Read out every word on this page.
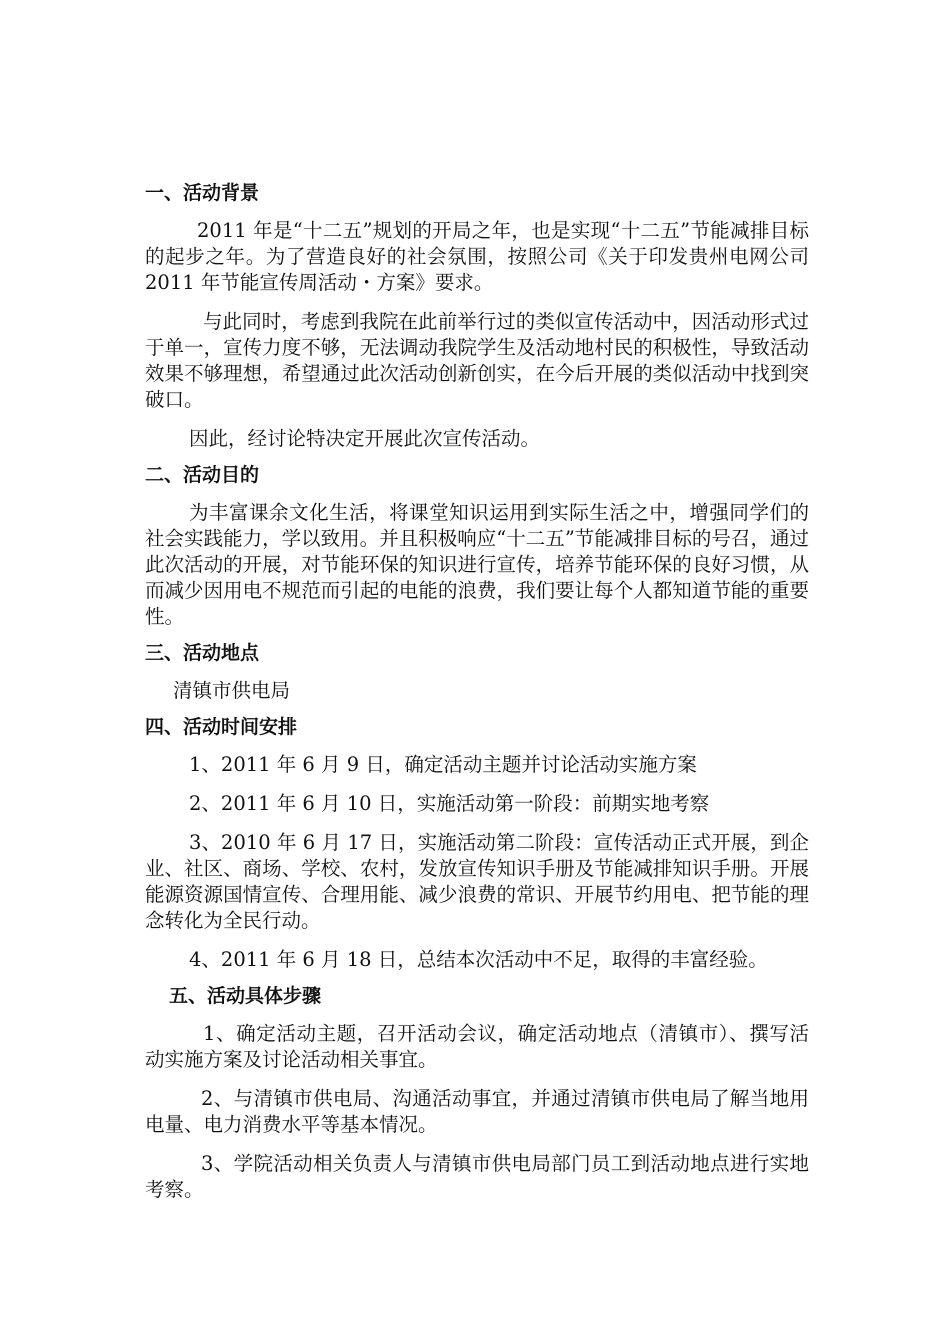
一、活动背景

2011 年是“十二五”规划的开局之年，也是实现“十二五”节能减排目标的起步之年。为了营造良好的社会氛围，按照公司《关于印发贵州电网公司 2011 年节能宣传周活动・方案》要求。

与此同时，考虑到我院在此前举行过的类似宣传活动中，因活动形式过于单一，宣传力度不够，无法调动我院学生及活动地村民的积极性，导致活动效果不够理想，希望通过此次活动创新创实，在今后开展的类似活动中找到突破口。

因此，经讨论特决定开展此次宣传活动。

二、活动目的

为丰富课余文化生活，将课堂知识运用到实际生活之中，增强同学们的社会实践能力，学以致用。并且积极响应“十二五”节能减排目标的号召，通过此次活动的开展，对节能环保的知识进行宣传，培养节能环保的良好习惯，从而减少因用电不规范而引起的电能的浪费，我们要让每个人都知道节能的重要性。

三、活动地点

清镇市供电局

四、活动时间安排

1、2011 年 6 月 9 日，确定活动主题并讨论活动实施方案

2、2011 年 6 月 10 日，实施活动第一阶段：前期实地考察

3、2010 年 6 月 17 日，实施活动第二阶段：宣传活动正式开展，到企业、社区、商场、学校、农村，发放宣传知识手册及节能减排知识手册。开展能源资源国情宣传、合理用能、减少浪费的常识、开展节约用电、把节能的理念转化为全民行动。

4、2011 年 6 月 18 日，总结本次活动中不足，取得的丰富经验。

五、活动具体步骤

1、确定活动主题，召开活动会议，确定活动地点（清镇市）、撰写活动实施方案及讨论活动相关事宜。

2、与清镇市供电局、沟通活动事宜，并通过清镇市供电局了解当地用电量、电力消费水平等基本情况。

3、学院活动相关负责人与清镇市供电局部门员工到活动地点进行实地考察。
